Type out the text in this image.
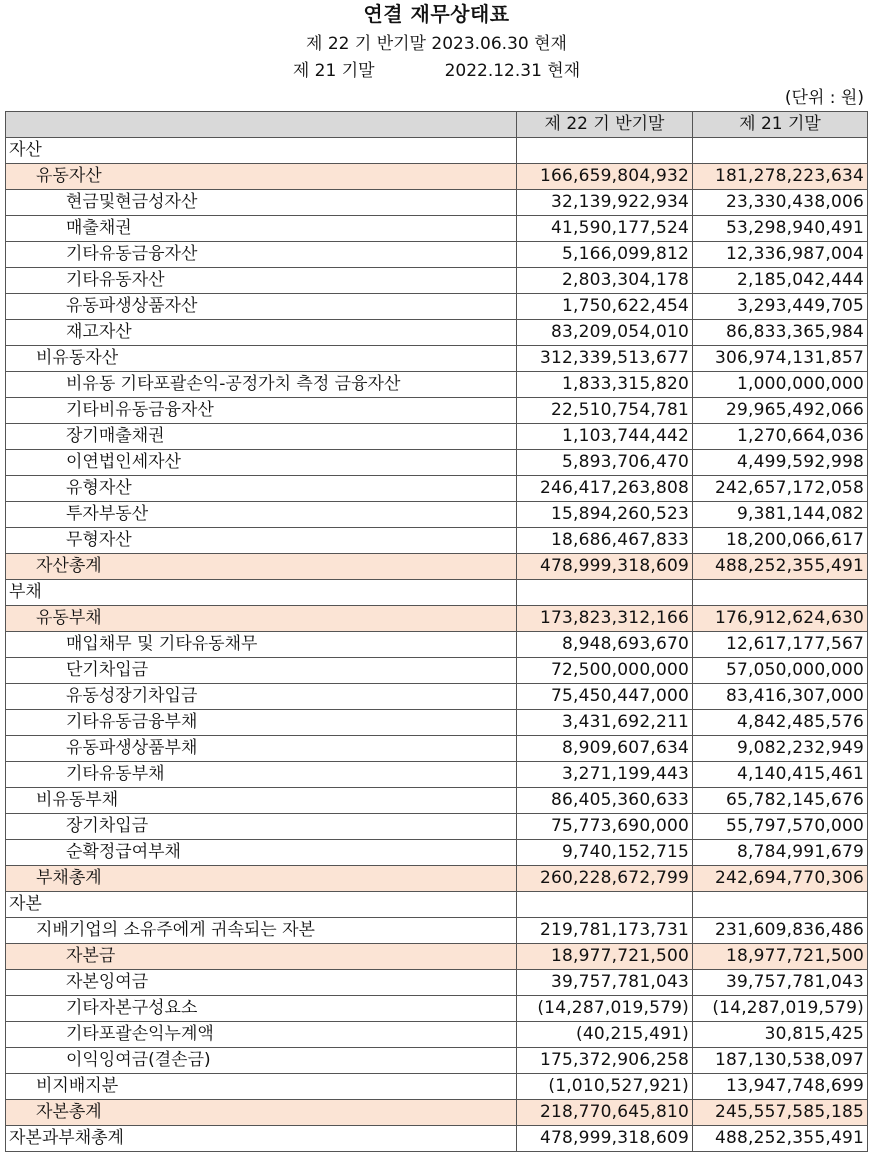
연결 재무상태표
제 22 기 반기말 2023.06.30 현재
제 21 기말	2022.12.31 현재
(단위 : 원)
	제 22 기 반기말	제 21 기말
자산		
유동자산	166,659,804,932	181,278,223,634
현금및현금성자산	32,139,922,934	23,330,438,006
매출채권	41,590,177,524	53,298,940,491
기타유동금융자산	5,166,099,812	12,336,987,004
기타유동자산	2,803,304,178	2,185,042,444
유동파생상품자산	1,750,622,454	3,293,449,705
재고자산	83,209,054,010	86,833,365,984
비유동자산	312,339,513,677	306,974,131,857
비유동 기타포괄손익-공정가치 측정 금융자산	1,833,315,820	1,000,000,000
기타비유동금융자산	22,510,754,781	29,965,492,066
장기매출채권	1,103,744,442	1,270,664,036
이연법인세자산	5,893,706,470	4,499,592,998
유형자산	246,417,263,808	242,657,172,058
투자부동산	15,894,260,523	9,381,144,082
무형자산	18,686,467,833	18,200,066,617
자산총계	478,999,318,609	488,252,355,491
부채		
유동부채	173,823,312,166	176,912,624,630
매입채무 및 기타유동채무	8,948,693,670	12,617,177,567
단기차입금	72,500,000,000	57,050,000,000
유동성장기차입금	75,450,447,000	83,416,307,000
기타유동금융부채	3,431,692,211	4,842,485,576
유동파생상품부채	8,909,607,634	9,082,232,949
기타유동부채	3,271,199,443	4,140,415,461
비유동부채	86,405,360,633	65,782,145,676
장기차입금	75,773,690,000	55,797,570,000
순확정급여부채	9,740,152,715	8,784,991,679
부채총계	260,228,672,799	242,694,770,306
자본		
지배기업의 소유주에게 귀속되는 자본	219,781,173,731	231,609,836,486
자본금	18,977,721,500	18,977,721,500
자본잉여금	39,757,781,043	39,757,781,043
기타자본구성요소	(14,287,019,579)	(14,287,019,579)
기타포괄손익누계액	(40,215,491)	30,815,425
이익잉여금(결손금)	175,372,906,258	187,130,538,097
비지배지분	(1,010,527,921)	13,947,748,699
자본총계	218,770,645,810	245,557,585,185
자본과부채총계	478,999,318,609	488,252,355,491
